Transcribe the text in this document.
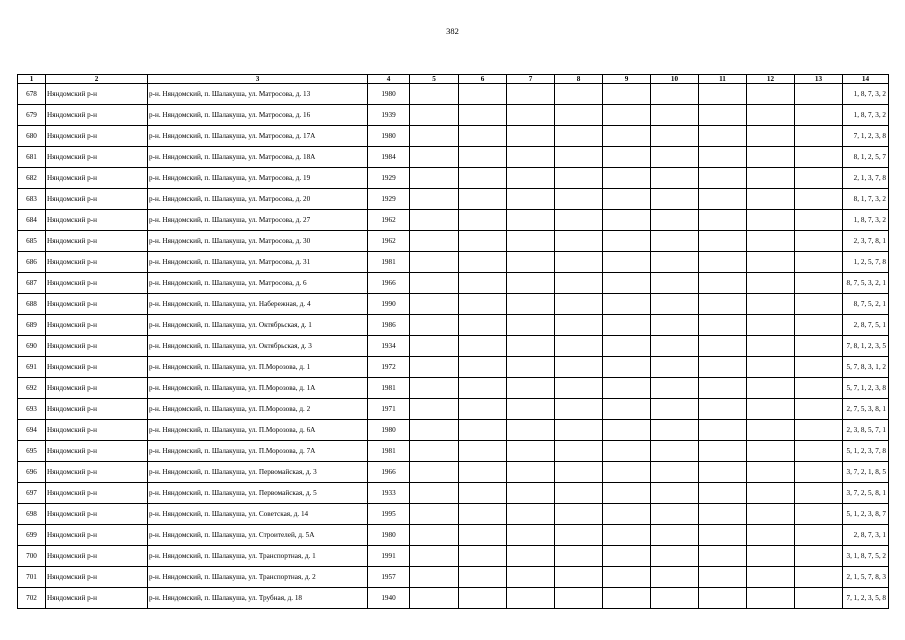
382
1	2	3	4	5	6	7	8	9	10	11	12	13	14
678	Няндомский р-н	р-н. Няндомский, п. Шалакуша, ул. Матросова, д. 13	1980										1, 8, 7, 3, 2
679	Няндомский р-н	р-н. Няндомский, п. Шалакуша, ул. Матросова, д. 16	1939										1, 8, 7, 3, 2
680	Няндомский р-н	р-н. Няндомский, п. Шалакуша, ул. Матросова, д. 17А	1980										7, 1, 2, 3, 8
681	Няндомский р-н	р-н. Няндомский, п. Шалакуша, ул. Матросова, д. 18А	1984										8, 1, 2, 5, 7
682	Няндомский р-н	р-н. Няндомский, п. Шалакуша, ул. Матросова, д. 19	1929										2, 1, 3, 7, 8
683	Няндомский р-н	р-н. Няндомский, п. Шалакуша, ул. Матросова, д. 20	1929										8, 1, 7, 3, 2
684	Няндомский р-н	р-н. Няндомский, п. Шалакуша, ул. Матросова, д. 27	1962										1, 8, 7, 3, 2
685	Няндомский р-н	р-н. Няндомский, п. Шалакуша, ул. Матросова, д. 30	1962										2, 3, 7, 8, 1
686	Няндомский р-н	р-н. Няндомский, п. Шалакуша, ул. Матросова, д. 31	1981										1, 2, 5, 7, 8
687	Няндомский р-н	р-н. Няндомский, п. Шалакуша, ул. Матросова, д. 6	1966										8, 7, 5, 3, 2, 1
688	Няндомский р-н	р-н. Няндомский, п. Шалакуша, ул. Набережная, д. 4	1990										8, 7, 5, 2, 1
689	Няндомский р-н	р-н. Няндомский, п. Шалакуша, ул. Октябрьская, д. 1	1986										2, 8, 7, 5, 1
690	Няндомский р-н	р-н. Няндомский, п. Шалакуша, ул. Октябрьская, д. 3	1934										7, 8, 1, 2, 3, 5
691	Няндомский р-н	р-н. Няндомский, п. Шалакуша, ул. П.Морозова, д. 1	1972										5, 7, 8, 3, 1, 2
692	Няндомский р-н	р-н. Няндомский, п. Шалакуша, ул. П.Морозова, д. 1А	1981										5, 7, 1, 2, 3, 8
693	Няндомский р-н	р-н. Няндомский, п. Шалакуша, ул. П.Морозова, д. 2	1971										2, 7, 5, 3, 8, 1
694	Няндомский р-н	р-н. Няндомский, п. Шалакуша, ул. П.Морозова, д. 6А	1980										2, 3, 8, 5, 7, 1
695	Няндомский р-н	р-н. Няндомский, п. Шалакуша, ул. П.Морозова, д. 7А	1981										5, 1, 2, 3, 7, 8
696	Няндомский р-н	р-н. Няндомский, п. Шалакуша, ул. Первомайская, д. 3	1966										3, 7, 2, 1, 8, 5
697	Няндомский р-н	р-н. Няндомский, п. Шалакуша, ул. Первомайская, д. 5	1933										3, 7, 2, 5, 8, 1
698	Няндомский р-н	р-н. Няндомский, п. Шалакуша, ул. Советская, д. 14	1995										5, 1, 2, 3, 8, 7
699	Няндомский р-н	р-н. Няндомский, п. Шалакуша, ул. Строителей, д. 5А	1980										2, 8, 7, 3, 1
700	Няндомский р-н	р-н. Няндомский, п. Шалакуша, ул. Транспортная, д. 1	1991										3, 1, 8, 7, 5, 2
701	Няндомский р-н	р-н. Няндомский, п. Шалакуша, ул. Транспортная, д. 2	1957										2, 1, 5, 7, 8, 3
702	Няндомский р-н	р-н. Няндомский, п. Шалакуша, ул. Трубная, д. 18	1940										7, 1, 2, 3, 5, 8
